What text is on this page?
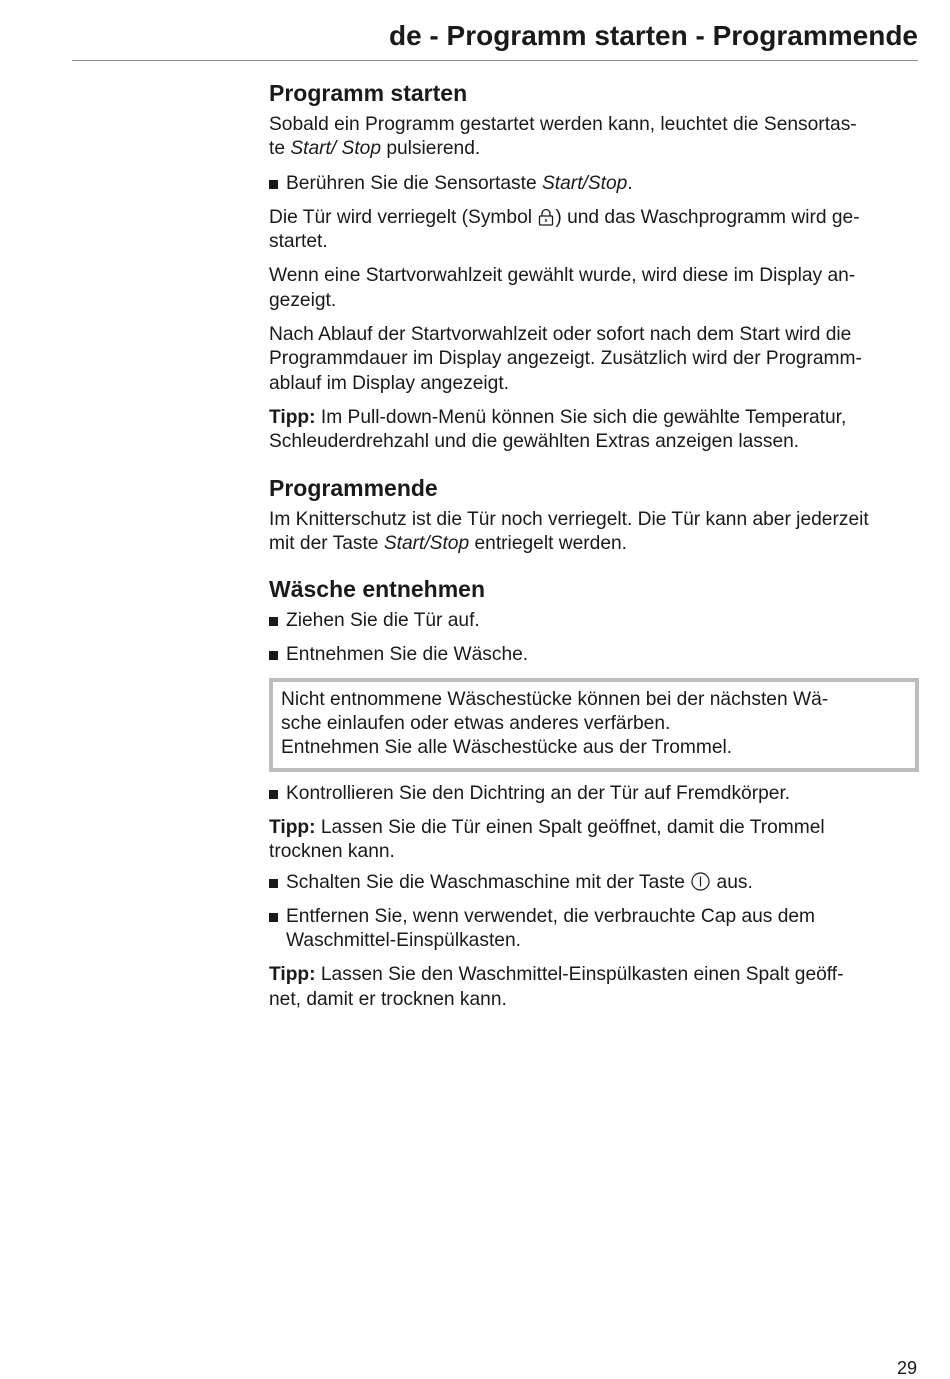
de - Programm starten - Programmende
Programm starten

Sobald ein Programm gestartet werden kann, leuchtet die Sensortas-
te Start/ Stop pulsierend.

Berühren Sie die Sensortaste Start/Stop.

Die Tür wird verriegelt (Symbol ) und das Waschprogramm wird ge-
startet.

Wenn eine Startvorwahlzeit gewählt wurde, wird diese im Display an-
gezeigt.

Nach Ablauf der Startvorwahlzeit oder sofort nach dem Start wird die
Programmdauer im Display angezeigt. Zusätzlich wird der Programm-
ablauf im Display angezeigt.

Tipp: Im Pull-down-Menü können Sie sich die gewählte Temperatur,
Schleuderdrehzahl und die gewählten Extras anzeigen lassen.

Programmende

Im Knitterschutz ist die Tür noch verriegelt. Die Tür kann aber jederzeit
mit der Taste Start/Stop entriegelt werden.

Wäsche entnehmen
Ziehen Sie die Tür auf.
Entnehmen Sie die Wäsche.
Nicht entnommene Wäschestücke können bei der nächsten Wä-
sche einlaufen oder etwas anderes verfärben.
Entnehmen Sie alle Wäschestücke aus der Trommel.
Kontrollieren Sie den Dichtring an der Tür auf Fremdkörper.

Tipp: Lassen Sie die Tür einen Spalt geöffnet, damit die Trommel
trocknen kann.

Schalten Sie die Waschmaschine mit der Taste  aus.
Entfernen Sie, wenn verwendet, die verbrauchte Cap aus dem
Waschmittel-Einspülkasten.

Tipp: Lassen Sie den Waschmittel-Einspülkasten einen Spalt geöff-
net, damit er trocknen kann.

29
